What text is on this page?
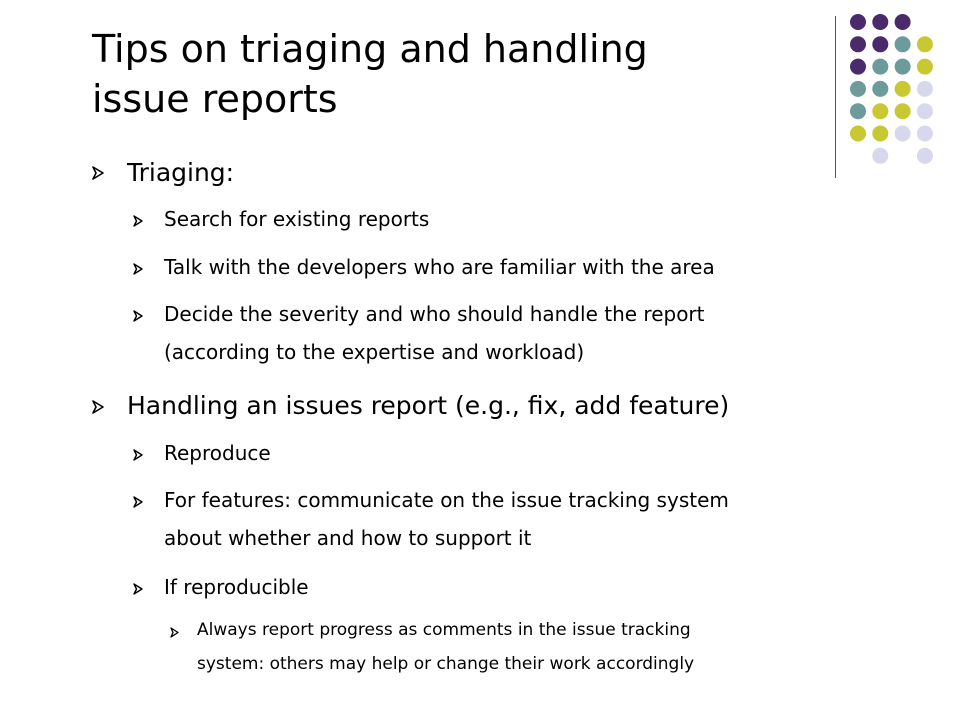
Tips on triaging and handling
issue reports
Triaging:
Search for existing reports
Talk with the developers who are familiar with the area
Decide the severity and who should handle the report
(according to the expertise and workload)
Handling an issues report (e.g., fix, add feature)
Reproduce
For features: communicate on the issue tracking system
about whether and how to support it
If reproducible
Always report progress as comments in the issue tracking
system: others may help or change their work accordingly
